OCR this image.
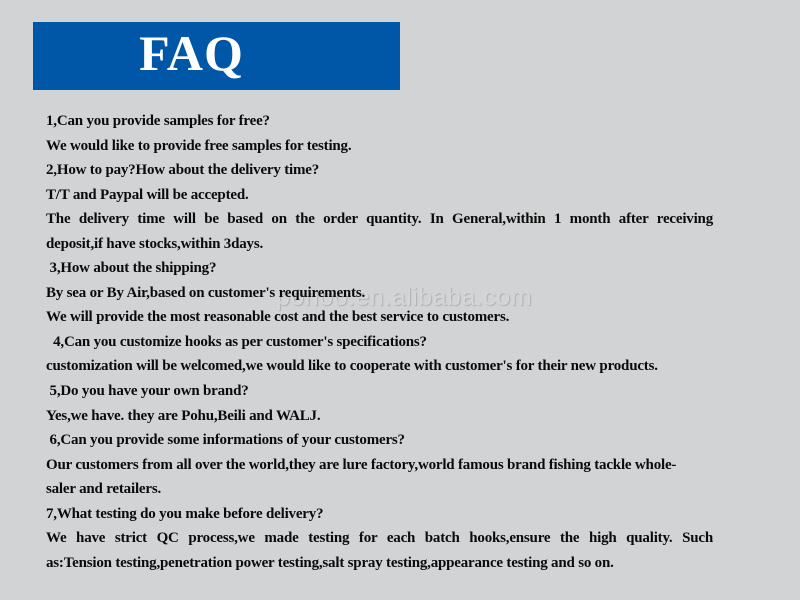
FAQ
ponoo.en.alibaba.com
1,Can you provide samples for free?
We would like to provide free samples for testing.
2,How to pay?How about the delivery time?
T/T and Paypal will be accepted.
The delivery time will be based on the order quantity. In General,within 1 month after receiving
deposit,if have stocks,within 3days.
3,How about the shipping?
By sea or By Air,based on customer's requirements.
We will provide the most reasonable cost and the best service to customers.
4,Can you customize hooks as per customer's specifications?
customization will be welcomed,we would like to cooperate with customer's for their new products.
5,Do you have your own brand?
Yes,we have. they are Pohu,Beili and WALJ.
6,Can you provide some informations of your customers?
Our customers from all over the world,they are lure factory,world famous brand fishing tackle whole-
saler and retailers.
7,What testing do you make before delivery?
We have strict QC process,we made testing for each batch hooks,ensure the high quality. Such
as:Tension testing,penetration power testing,salt spray testing,appearance testing and so on.
